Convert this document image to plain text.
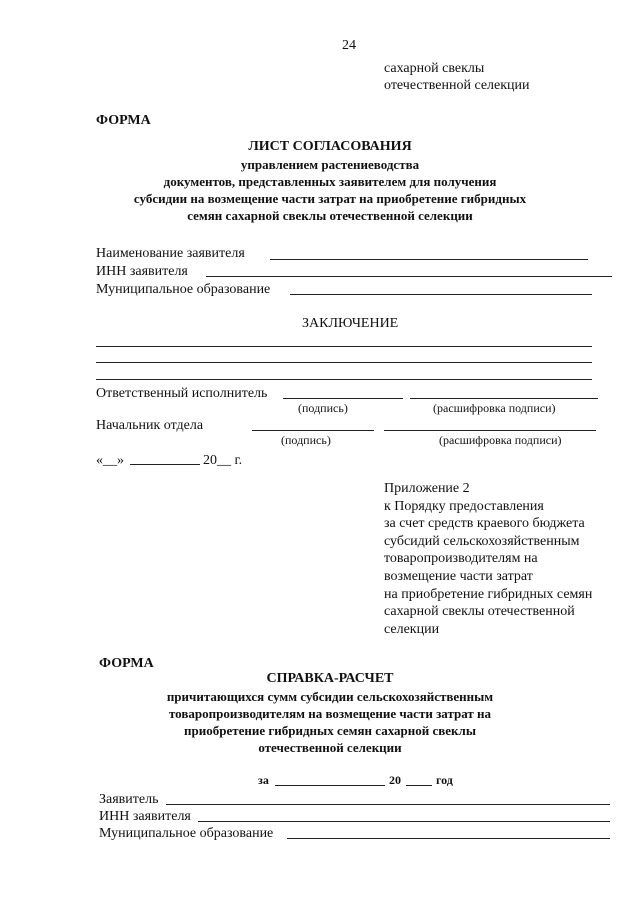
24
сахарной свеклы
отечественной селекции
ФОРМА
ЛИСТ СОГЛАСОВАНИЯ
управлением растениеводства
документов, представленных заявителем для получения
субсидии на возмещение части затрат на приобретение гибридных
семян сахарной свеклы отечественной селекции
Наименование заявителя
ИНН заявителя
Муниципальное образование
ЗАКЛЮЧЕНИЕ
Ответственный исполнитель
(подпись)	(расшифровка подписи)
Начальник отдела
(подпись)	(расшифровка подписи)
«__»	20__ г.
Приложение 2
к Порядку предоставления
за счет средств краевого бюджета
субсидий сельскохозяйственным
товаропроизводителям на
возмещение части затрат
на приобретение гибридных семян
сахарной свеклы отечественной
селекции
ФОРМА
СПРАВКА-РАСЧЕТ
причитающихся сумм субсидии сельскохозяйственным
товаропроизводителям на возмещение части затрат на
приобретение гибридных семян сахарной свеклы
отечественной селекции
за	20	год
Заявитель
ИНН заявителя
Муниципальное образование
